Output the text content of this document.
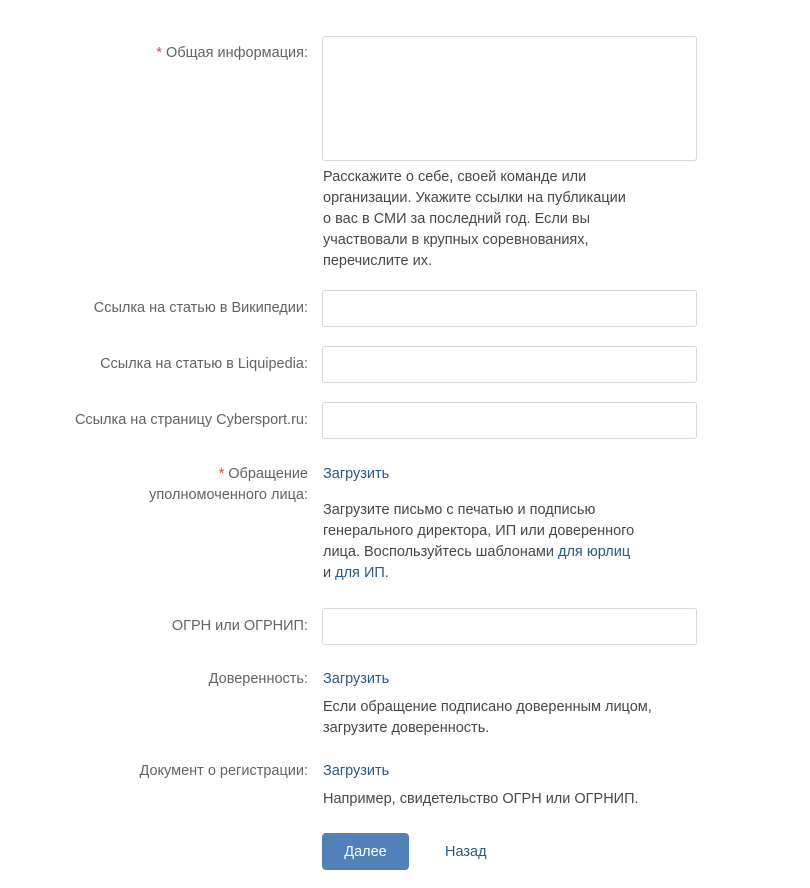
* Общая информация:
Расскажите о себе, своей команде или
организации. Укажите ссылки на публикации
о вас в СМИ за последний год. Если вы
участвовали в крупных соревнованиях,
перечислите их.
Ссылка на статью в Википедии:
Ссылка на статью в Liquipedia:
Ссылка на страницу Cybersport.ru:
* Обращение
уполномоченного лица:
Загрузить
Загрузите письмо с печатью и подписью
генерального директора, ИП или доверенного
лица. Воспользуйтесь шаблонами для юрлиц
и для ИП.
ОГРН или ОГРНИП:
Доверенность: Загрузить
Если обращение подписано доверенным лицом,
загрузите доверенность.
Документ о регистрации: Загрузить
Например, свидетельство ОГРН или ОГРНИП.
Далее	Назад
